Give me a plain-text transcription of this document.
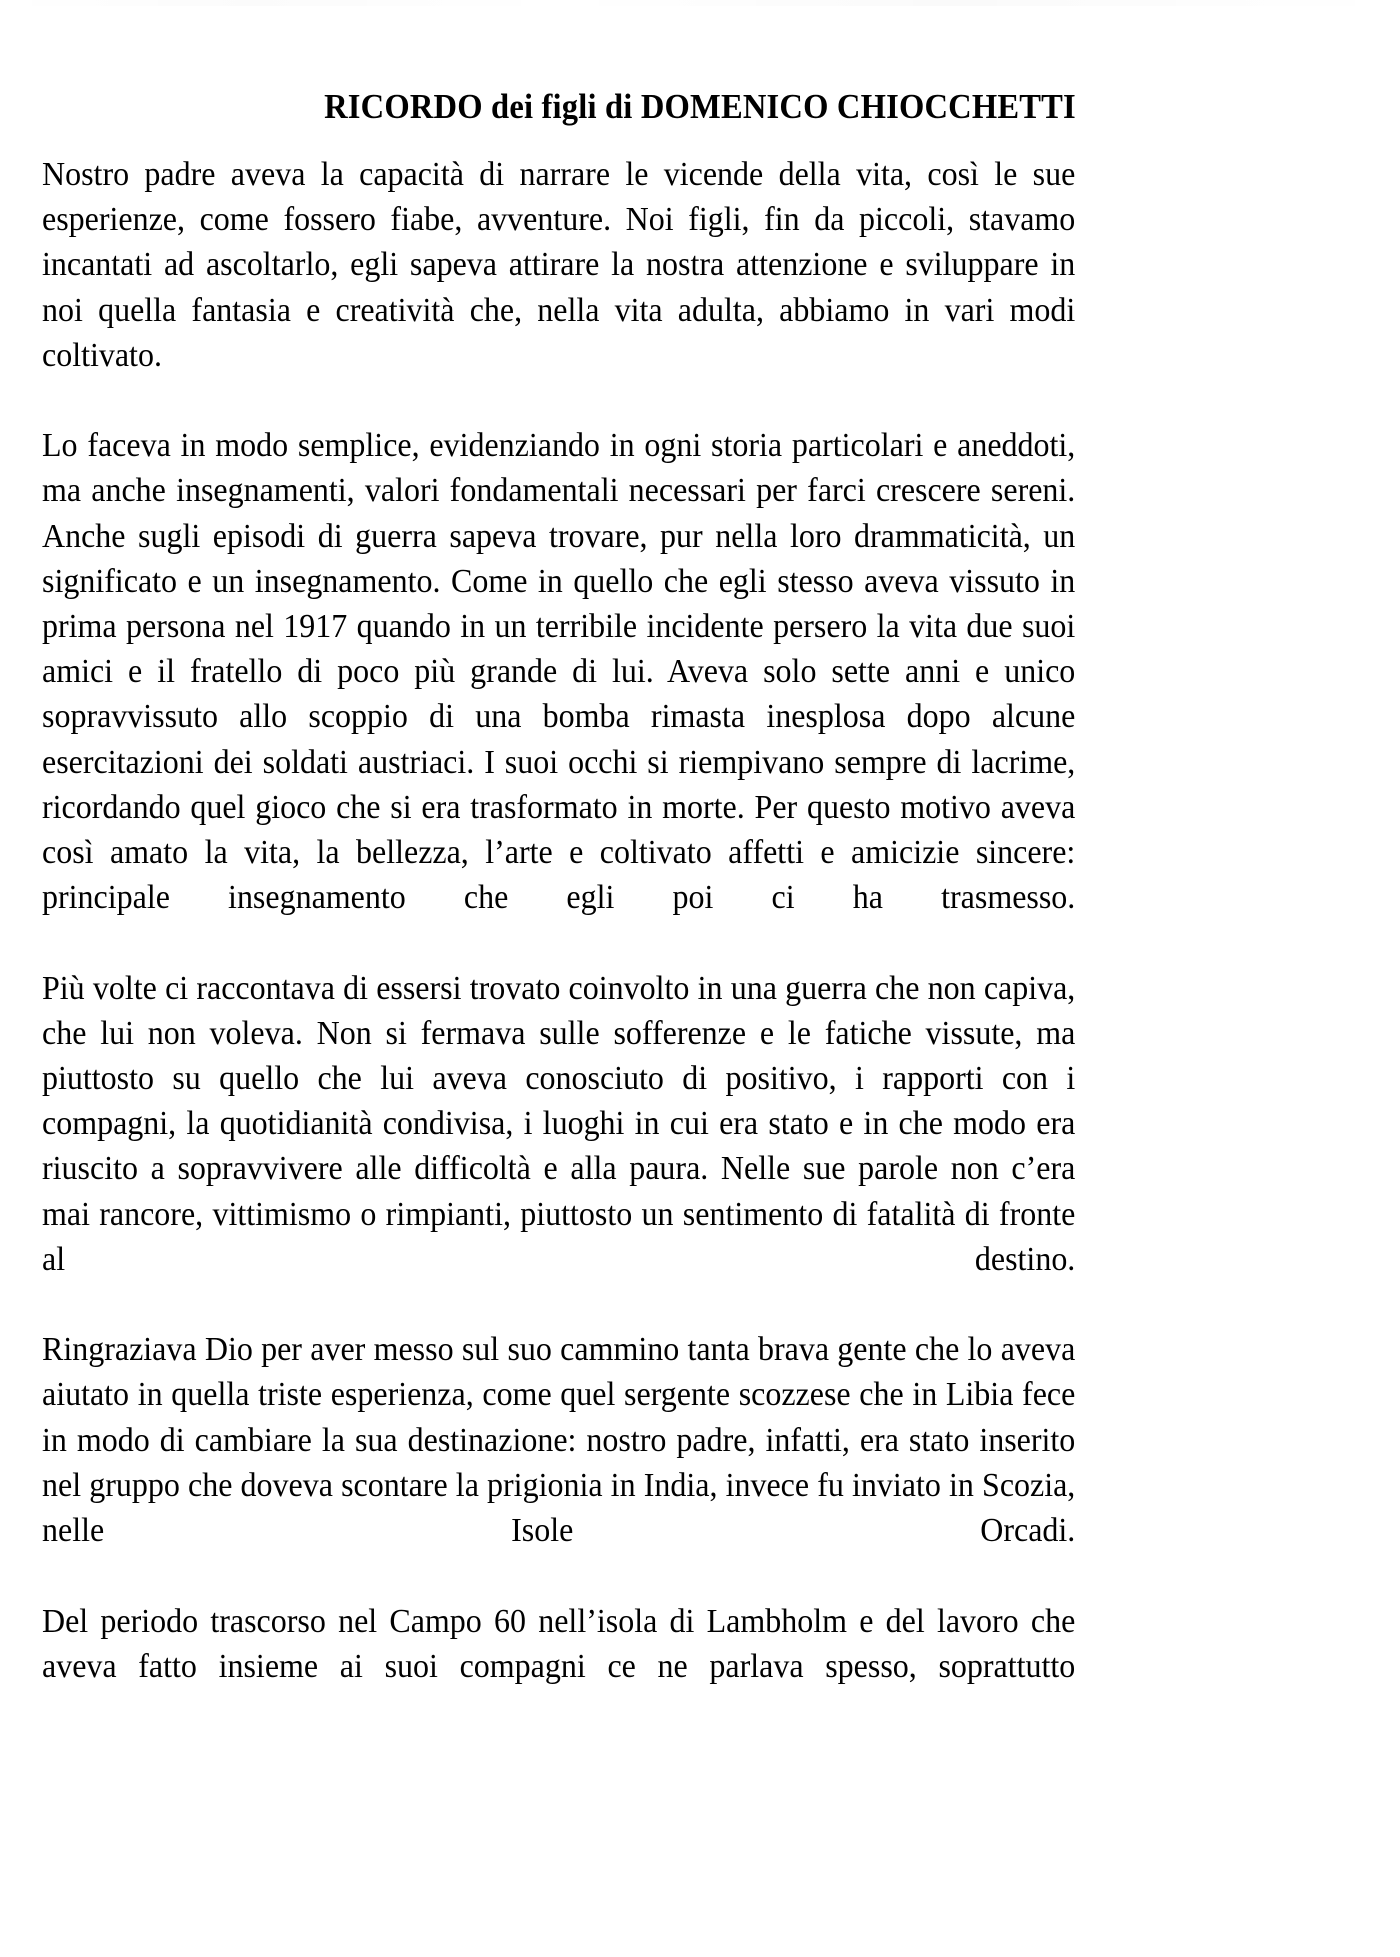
RICORDO dei figli di DOMENICO CHIOCCHETTI

Nostro padre aveva la capacità di narrare le vicende della vita, così le sue esperienze, come fossero fiabe, avventure. Noi figli, fin da piccoli, stavamo incantati ad ascoltarlo, egli sapeva attirare la nostra attenzione e sviluppare in noi quella fantasia e creatività che, nella vita adulta, abbiamo in vari modi coltivato.

Lo faceva in modo semplice, evidenziando in ogni storia particolari e aneddoti, ma anche insegnamenti, valori fondamentali necessari per farci crescere sereni. Anche sugli episodi di guerra sapeva trovare, pur nella loro drammaticità, un significato e un insegnamento. Come in quello che egli stesso aveva vissuto in prima persona nel 1917 quando in un terribile incidente persero la vita due suoi amici e il fratello di poco più grande di lui. Aveva solo sette anni e unico sopravvissuto allo scoppio di una bomba rimasta inesplosa dopo alcune esercitazioni dei soldati austriaci. I suoi occhi si riempivano sempre di lacrime, ricordando quel gioco che si era trasformato in morte. Per questo motivo aveva così amato la vita, la bellezza, l’arte e coltivato affetti e amicizie sincere: principale insegnamento che egli poi ci ha trasmesso.

Più volte ci raccontava di essersi trovato coinvolto in una guerra che non capiva, che lui non voleva. Non si fermava sulle sofferenze e le fatiche vissute, ma piuttosto su quello che lui aveva conosciuto di positivo, i rapporti con i compagni, la quotidianità condivisa, i luoghi in cui era stato e in che modo era riuscito a sopravvivere alle difficoltà e alla paura. Nelle sue parole non c’era mai rancore, vittimismo o rimpianti, piuttosto un sentimento di fatalità di fronte al destino.

Ringraziava Dio per aver messo sul suo cammino tanta brava gente che lo aveva aiutato in quella triste esperienza, come quel sergente scozzese che in Libia fece in modo di cambiare la sua destinazione: nostro padre, infatti, era stato inserito nel gruppo che doveva scontare la prigionia in India, invece fu inviato in Scozia, nelle Isole Orcadi.

Del periodo trascorso nel Campo 60 nell’isola di Lambholm e del lavoro che aveva fatto insieme ai suoi compagni ce ne parlava spesso, soprattutto
